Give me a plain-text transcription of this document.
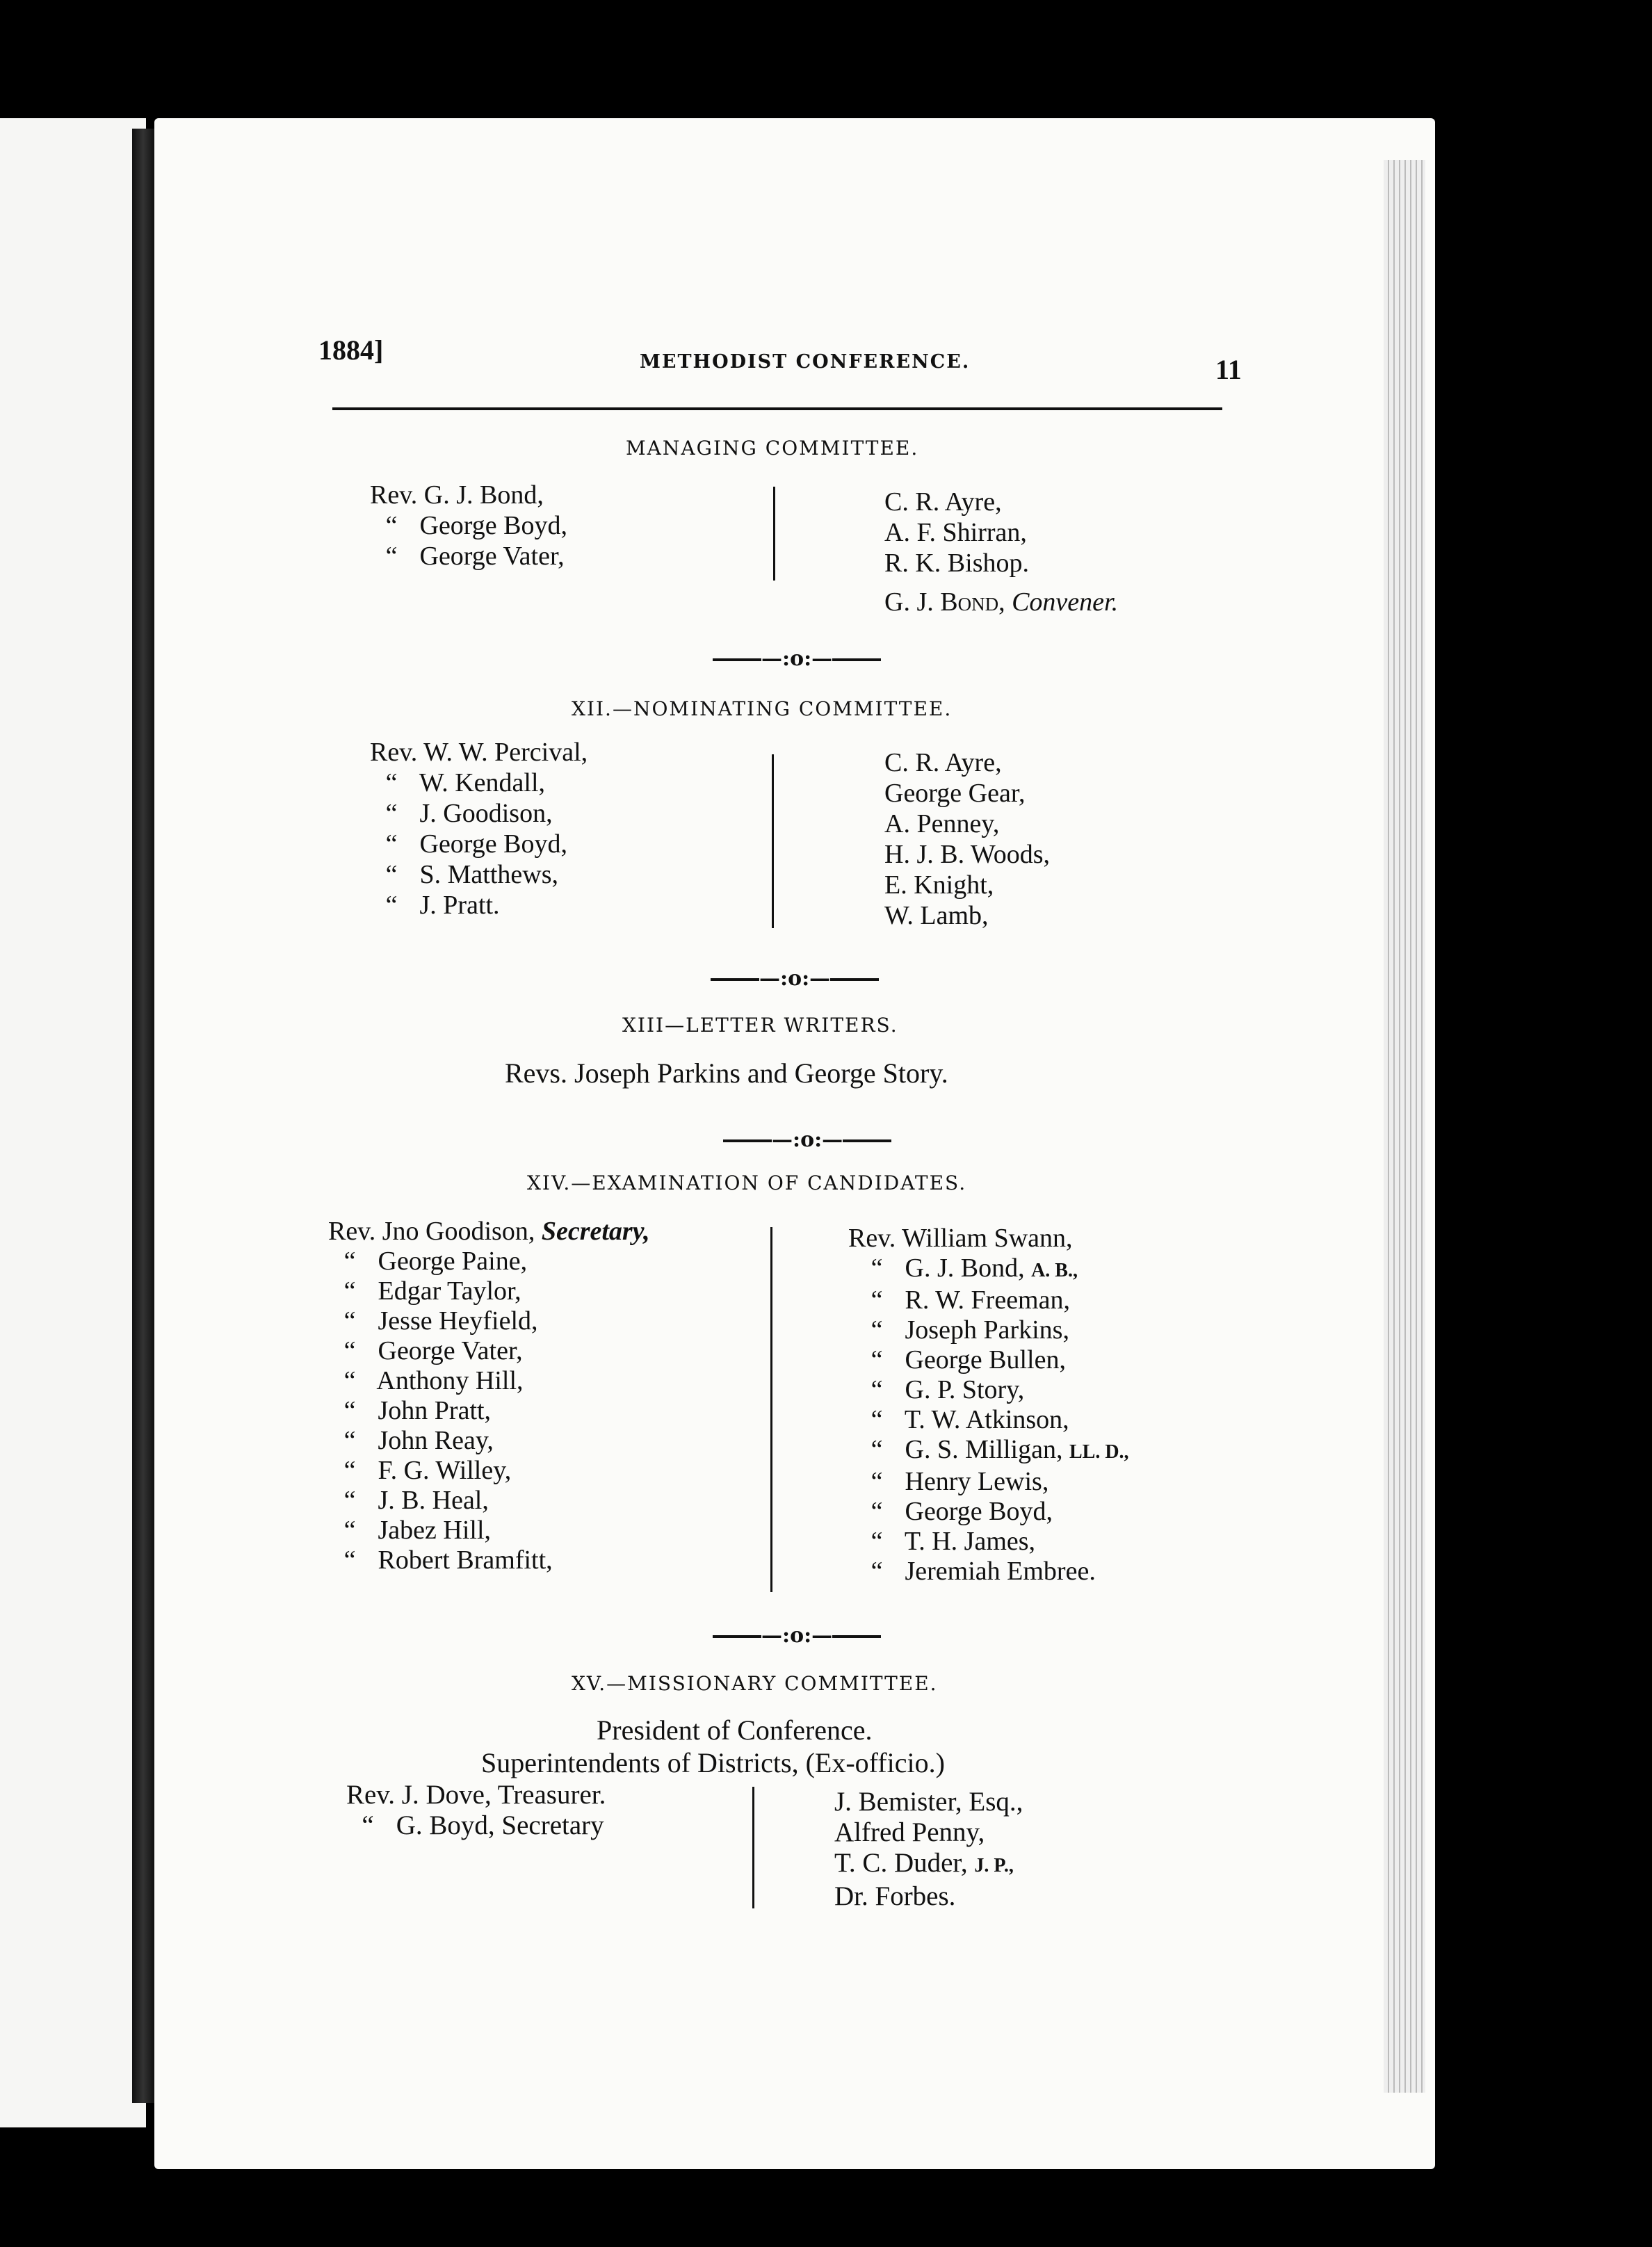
1884]	METHODIST CONFERENCE.	11
MANAGING COMMITTEE.
Rev. G. J. Bond,
“ George Boyd,
“ George Vater,
C. R. Ayre,
A. F. Shirran,
R. K. Bishop.
G. J. Bond, Convener.
—:o:—
XII.—NOMINATING COMMITTEE.
Rev. W. W. Percival,
“ W. Kendall,
“ J. Goodison,
“ George Boyd,
“ S. Matthews,
“ J. Pratt.
C. R. Ayre,
George Gear,
A. Penney,
H. J. B. Woods,
E. Knight,
W. Lamb,
—:o:—
XIII—LETTER WRITERS.
Revs. Joseph Parkins and George Story.
—:o:—
XIV.—EXAMINATION OF CANDIDATES.
Rev. Jno Goodison, Secretary,
“ George Paine,
“ Edgar Taylor,
“ Jesse Heyfield,
“ George Vater,
“ Anthony Hill,
“ John Pratt,
“ John Reay,
“ F. G. Willey,
“ J. B. Heal,
“ Jabez Hill,
“ Robert Bramfitt,
Rev. William Swann,
“ G. J. Bond, A. B.,
“ R. W. Freeman,
“ Joseph Parkins,
“ George Bullen,
“ G. P. Story,
“ T. W. Atkinson,
“ G. S. Milligan, LL. D.,
“ Henry Lewis,
“ George Boyd,
“ T. H. James,
“ Jeremiah Embree.
—:o:—
XV.—MISSIONARY COMMITTEE.
President of Conference.
Superintendents of Districts, (Ex-officio.)
Rev. J. Dove, Treasurer.
“ G. Boyd, Secretary
J. Bemister, Esq.,
Alfred Penny,
T. C. Duder, J. P.,
Dr. Forbes.
